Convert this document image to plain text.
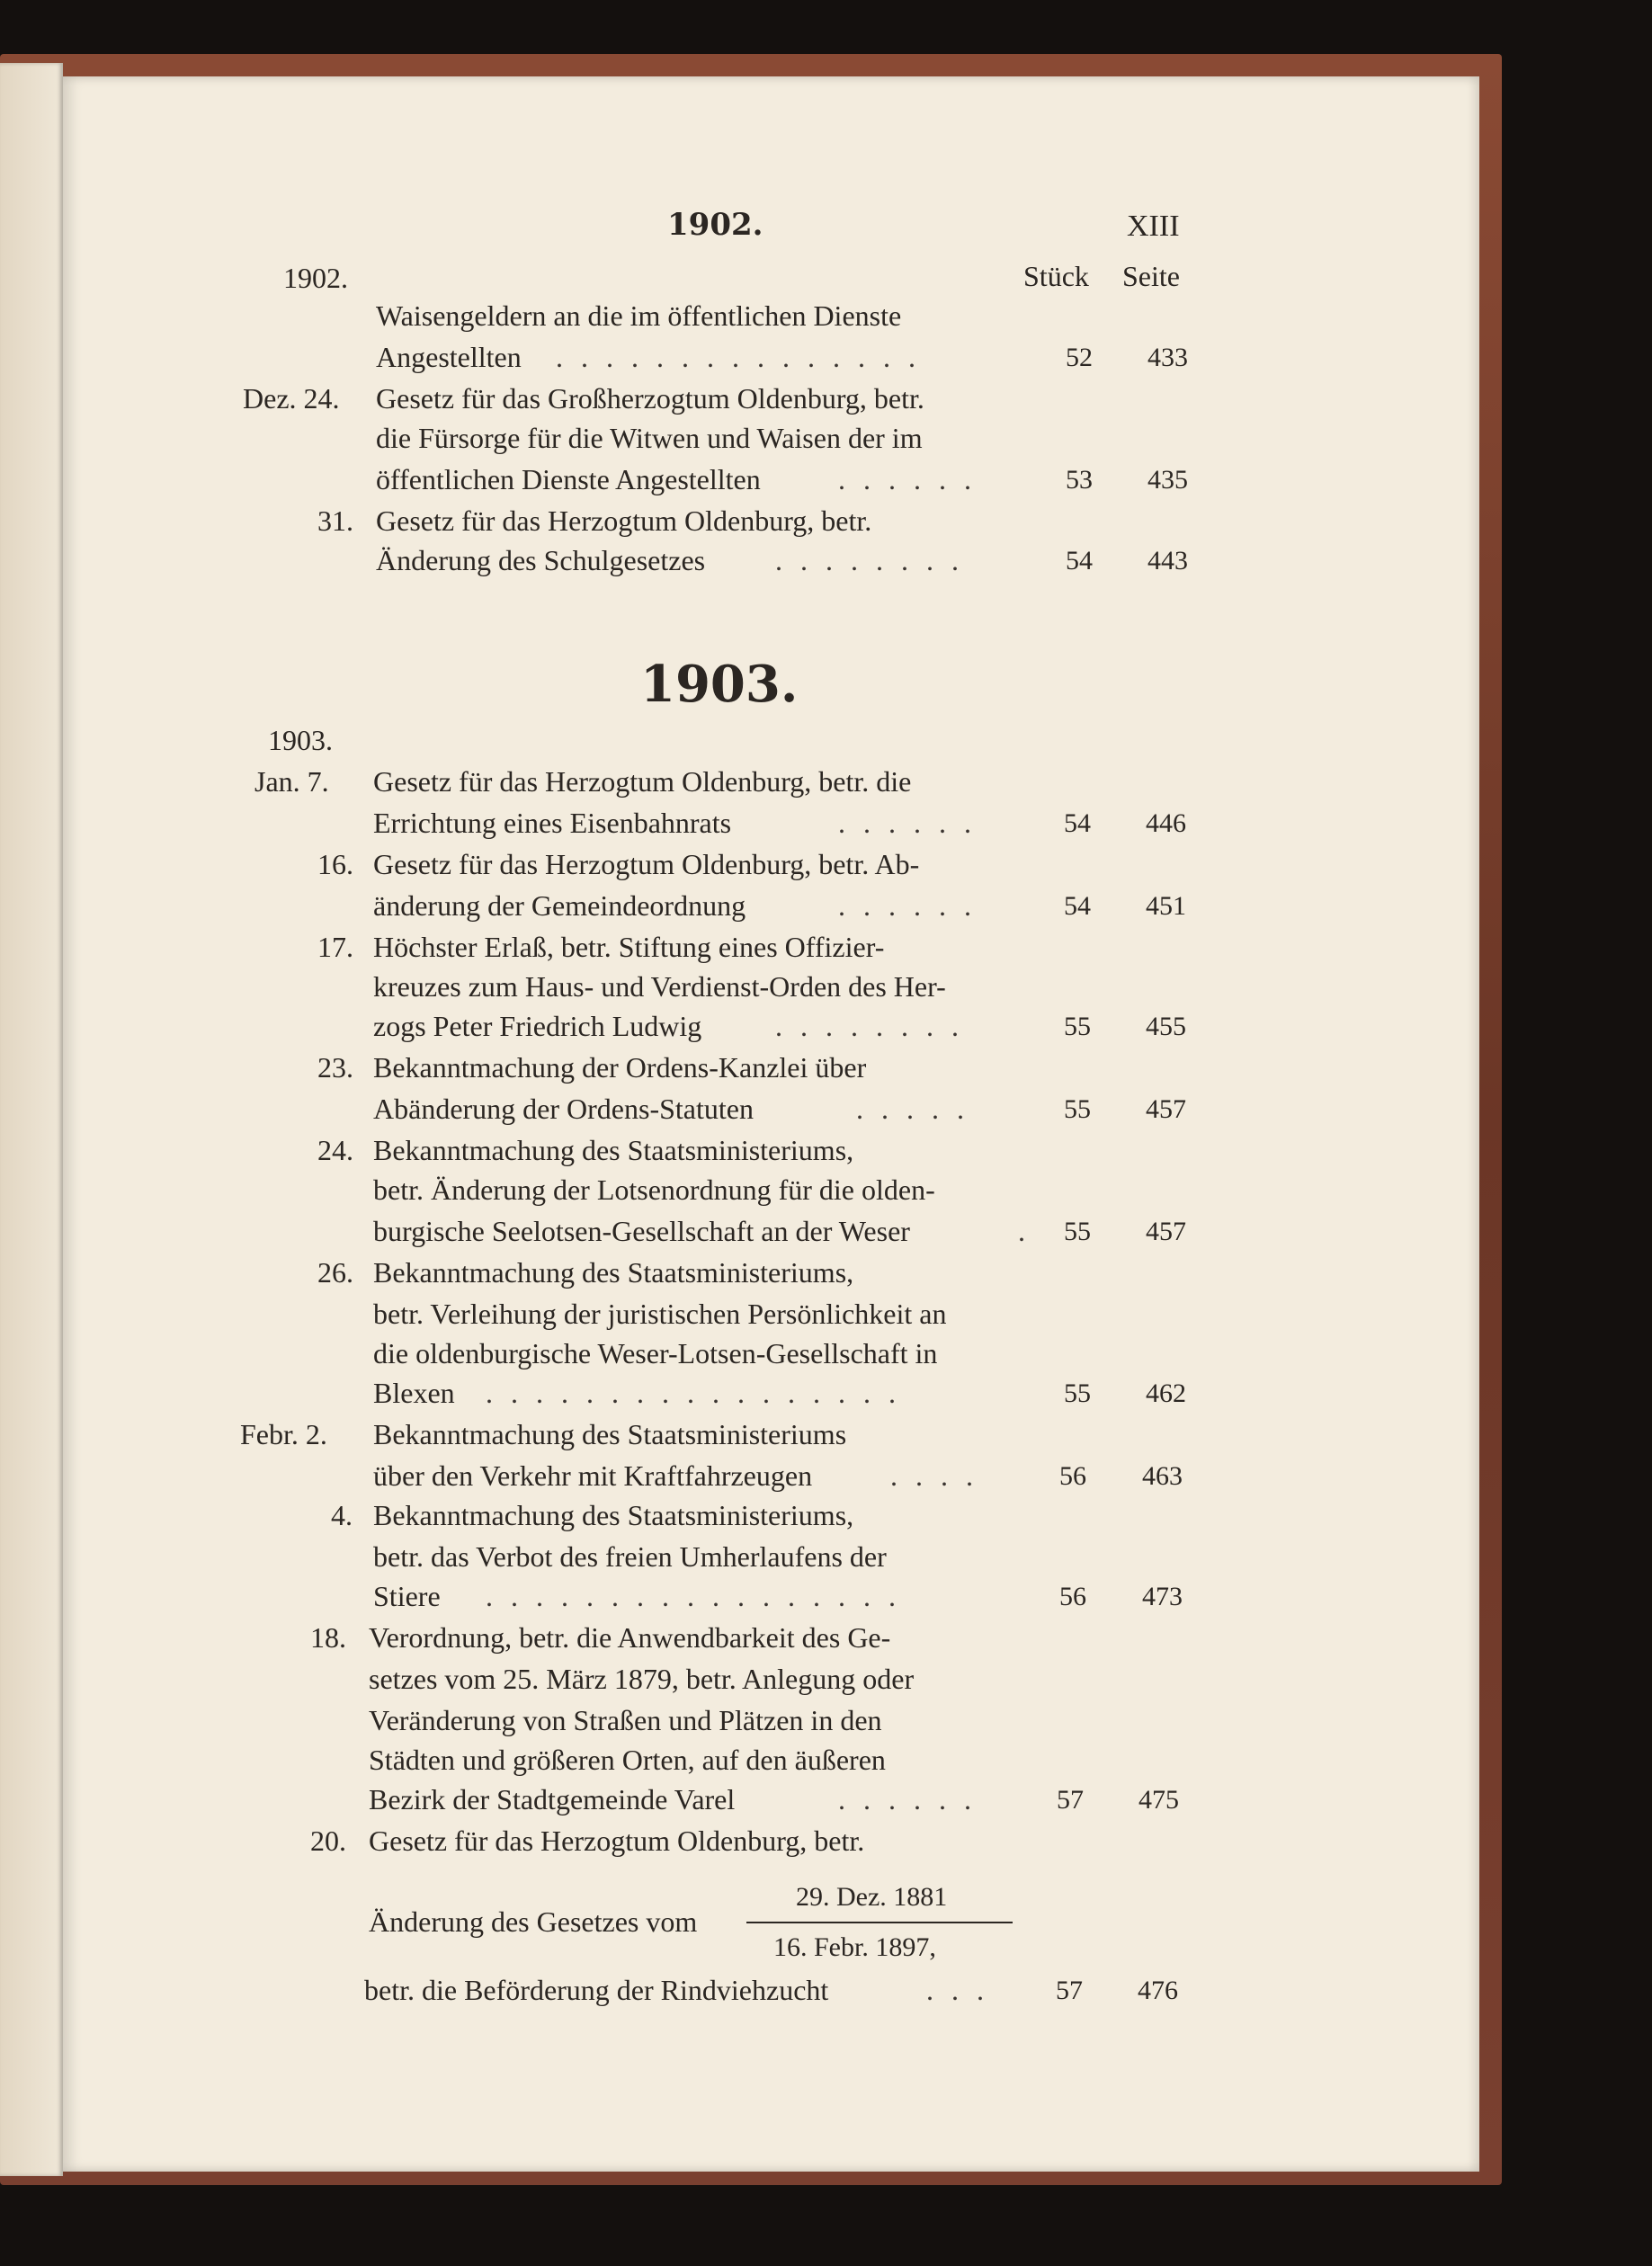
1902.	XIII
1902.	Stück Seite
Waisengeldern an die im öffentlichen Dienste
Angestellten . . . . . . . . . . . . . . .	52 433
Dez. 24. Gesetz für das Großherzogtum Oldenburg, betr.
die Fürsorge für die Witwen und Waisen der im
öffentlichen Dienste Angestellten	. . . . . .	53 435
31. Gesetz für das Herzogtum Oldenburg, betr.
Änderung des Schulgesetzes . . . . . . . .	54 443
1903.
1903.
Jan. 7. Gesetz für das Herzogtum Oldenburg, betr. die
Errichtung eines Eisenbahnrats	. . . . . .	54 446
16. Gesetz für das Herzogtum Oldenburg, betr. Ab-
änderung der Gemeindeordnung	. . . . . .	54 451
17. Höchster Erlaß, betr. Stiftung eines Offizier-
kreuzes zum Haus- und Verdienst-Orden des Her-
zogs Peter Friedrich Ludwig	. . . . . . . .	55 455
23. Bekanntmachung der Ordens-Kanzlei über
Abänderung der Ordens-Statuten	. . . . .	55 457
24. Bekanntmachung des Staatsministeriums,
betr. Änderung der Lotsenordnung für die olden-
burgische Seelotsen-Gesellschaft an der Weser	. 55 457
26. Bekanntmachung des Staatsministeriums,
betr. Verleihung der juristischen Persönlichkeit an
die oldenburgische Weser-Lotsen-Gesellschaft in
Blexen . . . . . . . . . . . . . . . . .	55 462
Febr. 2. Bekanntmachung des Staatsministeriums
über den Verkehr mit Kraftfahrzeugen	. . . .	56 463
4. Bekanntmachung des Staatsministeriums,
betr. das Verbot des freien Umherlaufens der
Stiere . . . . . . . . . . . . . . . . .	56 473
18. Verordnung, betr. die Anwendbarkeit des Ge-
setzes vom 25. März 1879, betr. Anlegung oder
Veränderung von Straßen und Plätzen in den
Städten und größeren Orten, auf den äußeren
Bezirk der Stadtgemeinde Varel	. . . . . .	57 475
20. Gesetz für das Herzogtum Oldenburg, betr.
29. Dez. 1881
Änderung des Gesetzes vom
16. Febr. 1897,
betr. die Beförderung der Rindviehzucht	. . . 57 476
